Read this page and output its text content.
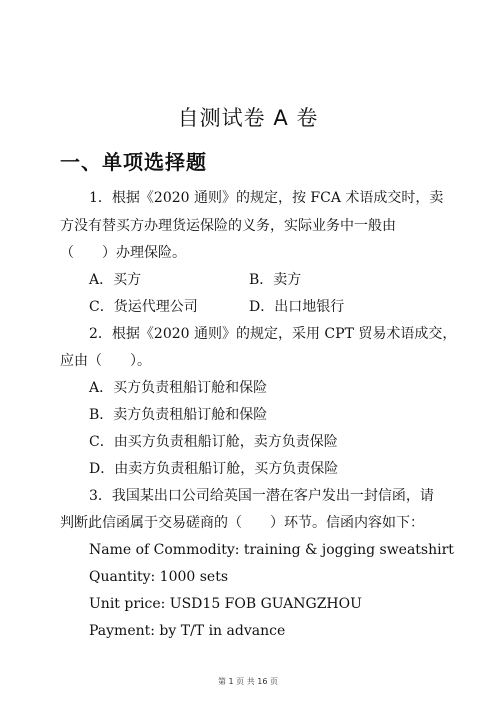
自测试卷 A 卷
一、单项选择题
1．根据《2020 通则》的规定，按 FCA 术语成交时，卖
方没有替买方办理货运保险的义务，实际业务中一般由
（　　）办理保险。
A．买方	B．卖方
C．货运代理公司	D．出口地银行
2．根据《2020 通则》的规定，采用 CPT 贸易术语成交，
应由（　　）。
A．买方负责租船订舱和保险
B．卖方负责租船订舱和保险
C．由买方负责租船订舱，卖方负责保险
D．由卖方负责租船订舱，买方负责保险
3．我国某出口公司给英国一潜在客户发出一封信函，请
判断此信函属于交易磋商的（　　）环节。信函内容如下：
Name of Commodity: training & jogging sweatshirt
Quantity: 1000 sets
Unit price: USD15 FOB GUANGZHOU
Payment: by T/T in advance
第 1 页 共 16 页
